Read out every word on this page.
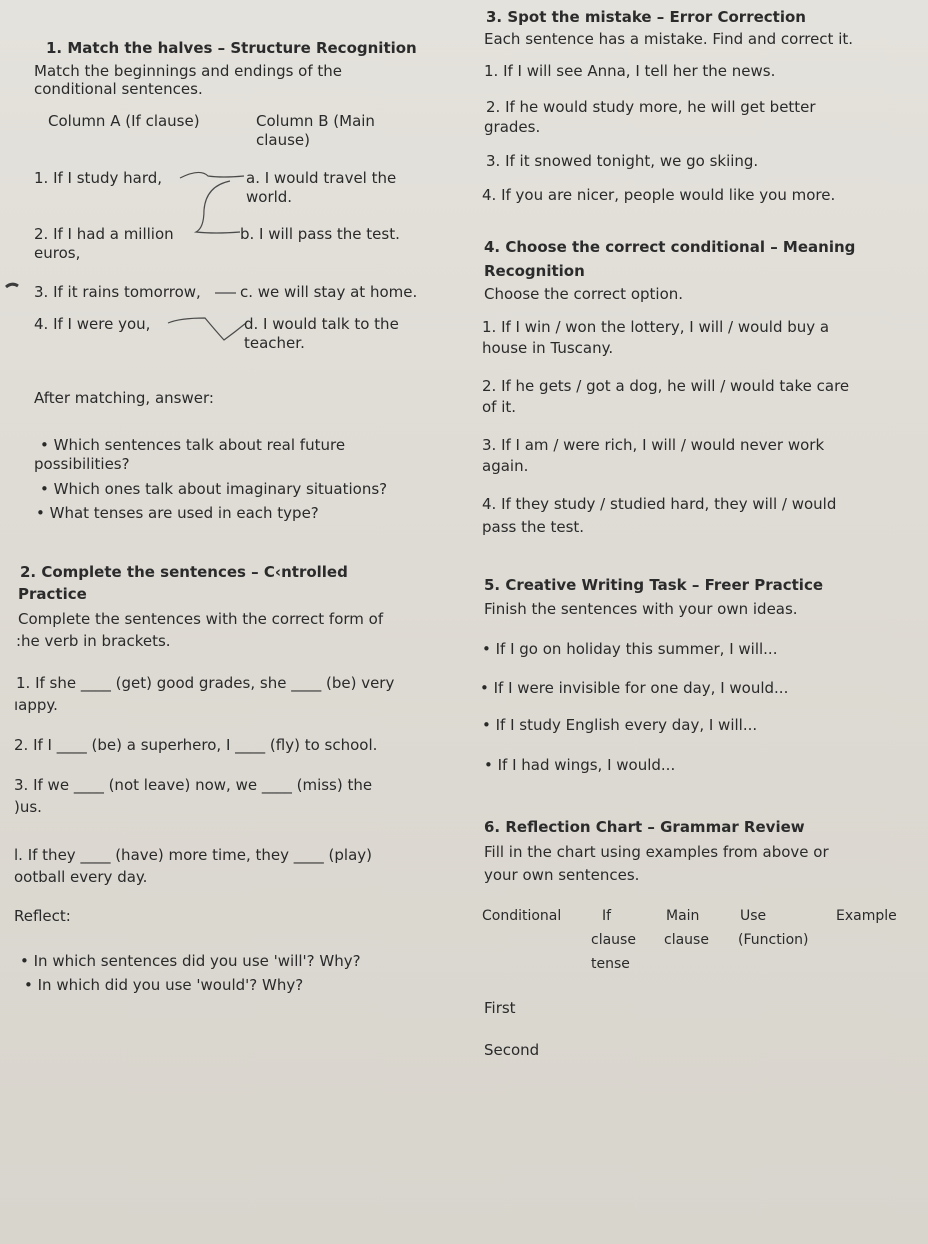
1. Match the halves – Structure Recognition
Match the beginnings and endings of the
conditional sentences.
Column A (If clause)	Column B (Main
clause)
1. If I study hard,
2. If I had a million
euros,
3. If it rains tomorrow,
4. If I were you,
a. I would travel the
world.
b. I will pass the test.
c. we will stay at home.
d. I would talk to the
teacher.
After matching, answer:
• Which sentences talk about real future
possibilities?
• Which ones talk about imaginary situations?
• What tenses are used in each type?
2. Complete the sentences – C‹ntrolled
Practice
Complete the sentences with the correct form of
:he verb in brackets.
1. If she ____ (get) good grades, she ____ (be) very
ıappy.
2. If I ____ (be) a superhero, I ____ (fly) to school.
3. If we ____ (not leave) now, we ____ (miss) the
)us.
l. If they ____ (have) more time, they ____ (play)
ootball every day.
Reflect:
• In which sentences did you use 'will'? Why?
• In which did you use 'would'? Why?
3. Spot the mistake – Error Correction
Each sentence has a mistake. Find and correct it.
1. If I will see Anna, I tell her the news.
2. If he would study more, he will get better
grades.
3. If it snowed tonight, we go skiing.
4. If you are nicer, people would like you more.
4. Choose the correct conditional – Meaning
Recognition
Choose the correct option.
1. If I win / won the lottery, I will / would buy a
house in Tuscany.
2. If he gets / got a dog, he will / would take care
of it.
3. If I am / were rich, I will / would never work
again.
4. If they study / studied hard, they will / would
pass the test.
5. Creative Writing Task – Freer Practice
Finish the sentences with your own ideas.
• If I go on holiday this summer, I will...
• If I were invisible for one day, I would...
• If I study English every day, I will...
• If I had wings, I would...
6. Reflection Chart – Grammar Review
Fill in the chart using examples from above or
your own sentences.
Conditional	If
clause
tense
Main
clause
Use
(Function)
Example
First
Second
